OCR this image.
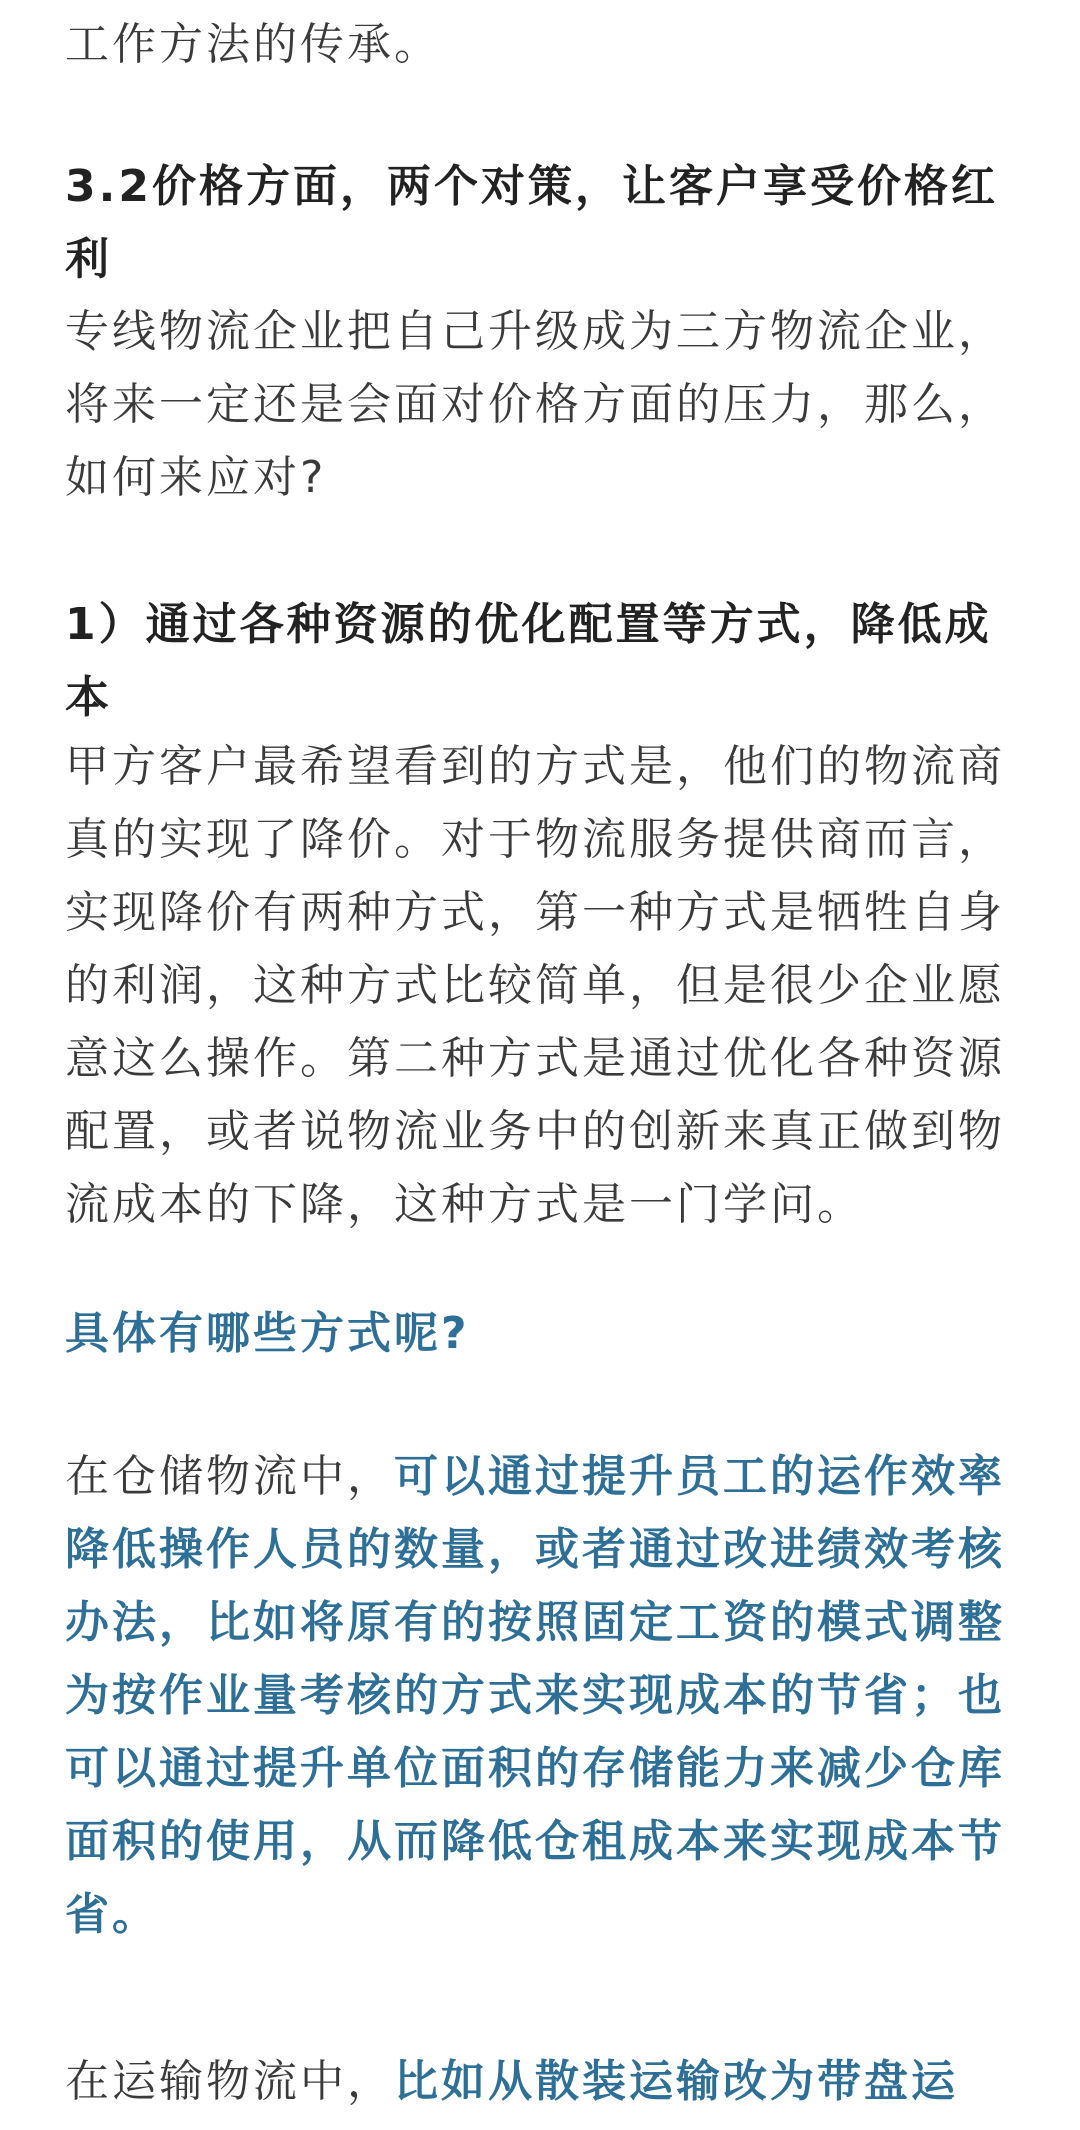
工作方法的传承。

3.2价格方面，两个对策，让客户享受价格红利

专线物流企业把自己升级成为三方物流企业，将来一定还是会面对价格方面的压力，那么，如何来应对?

1）通过各种资源的优化配置等方式，降低成本

甲方客户最希望看到的方式是，他们的物流商真的实现了降价。对于物流服务提供商而言，实现降价有两种方式，第一种方式是牺牲自身的利润，这种方式比较简单，但是很少企业愿意这么操作。第二种方式是通过优化各种资源配置，或者说物流业务中的创新来真正做到物流成本的下降，这种方式是一门学问。

具体有哪些方式呢?

在仓储物流中，可以通过提升员工的运作效率降低操作人员的数量，或者通过改进绩效考核办法，比如将原有的按照固定工资的模式调整为按作业量考核的方式来实现成本的节省；也可以通过提升单位面积的存储能力来减少仓库面积的使用，从而降低仓租成本来实现成本节省。

在运输物流中，比如从散装运输改为带盘运
